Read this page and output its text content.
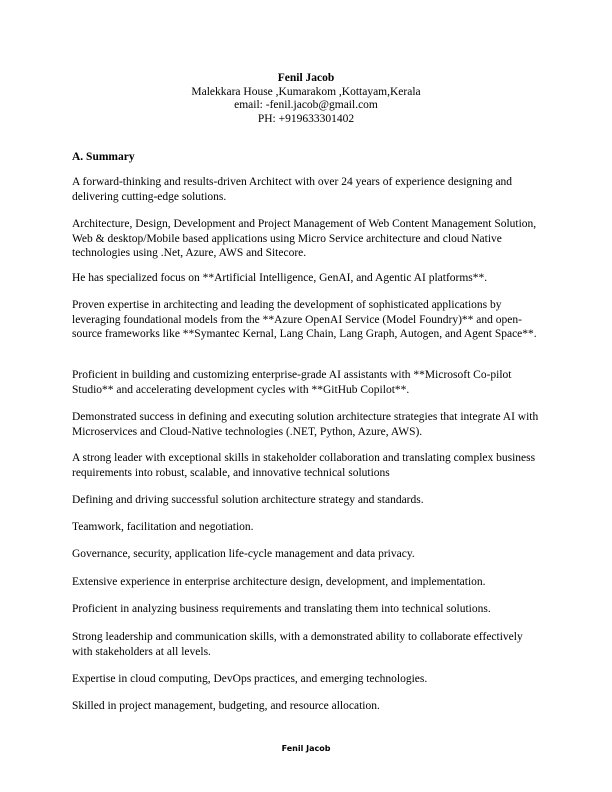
Fenil Jacob
Malekkara House ,Kumarakom ,Kottayam,Kerala
email: -fenil.jacob@gmail.com
PH: +919633301402
A. Summary
A forward-thinking and results-driven Architect with over 24 years of experience designing and delivering cutting-edge solutions.
Architecture, Design, Development and Project Management of Web Content Management Solution, Web & desktop/Mobile based applications using Micro Service architecture and cloud Native technologies using .Net, Azure, AWS and Sitecore.
He has specialized focus on **Artificial Intelligence, GenAI, and Agentic AI platforms**.
Proven expertise in architecting and leading the development of sophisticated applications by leveraging foundational models from the **Azure OpenAI Service (Model Foundry)** and open-source frameworks like **Symantec Kernal, Lang Chain, Lang Graph, Autogen, and Agent Space**.
Proficient in building and customizing enterprise-grade AI assistants with **Microsoft Co-pilot Studio** and accelerating development cycles with **GitHub Copilot**.
Demonstrated success in defining and executing solution architecture strategies that integrate AI with Microservices and Cloud-Native technologies (.NET, Python, Azure, AWS).
A strong leader with exceptional skills in stakeholder collaboration and translating complex business requirements into robust, scalable, and innovative technical solutions
Defining and driving successful solution architecture strategy and standards.
Teamwork, facilitation and negotiation.
Governance, security, application life-cycle management and data privacy.
Extensive experience in enterprise architecture design, development, and implementation.
Proficient in analyzing business requirements and translating them into technical solutions.
Strong leadership and communication skills, with a demonstrated ability to collaborate effectively with stakeholders at all levels.
Expertise in cloud computing, DevOps practices, and emerging technologies.
Skilled in project management, budgeting, and resource allocation.
Fenil Jacob
